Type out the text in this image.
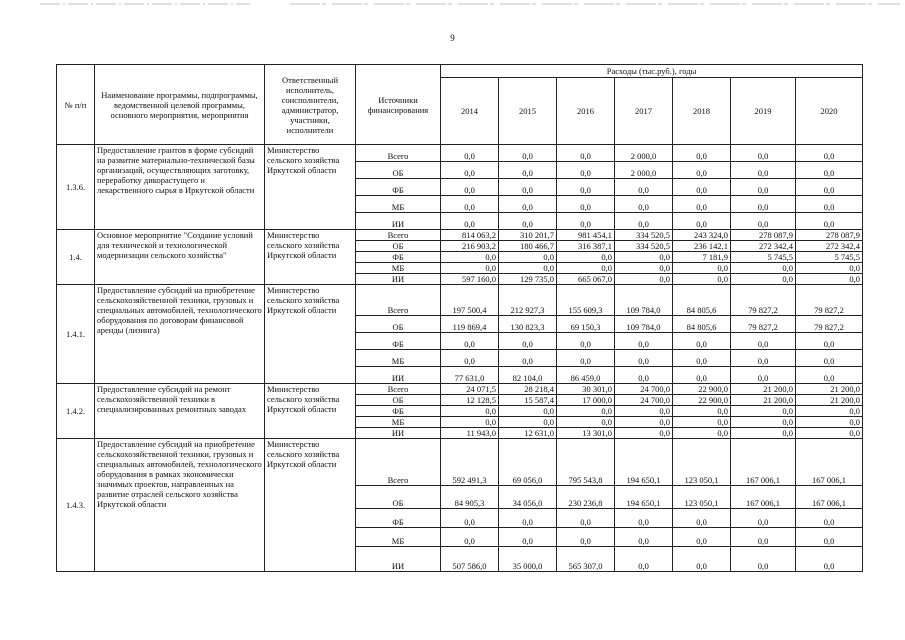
9
№ п/п	Наименование программы, подпрограммы, ведомственной целевой программы, основного мероприятия, мероприятия	Ответственный исполнитель, соисполнители, администратор, участники, исполнители	Источники финансирования	Расходы (тыс.руб.), годы						
				2014	2015	2016	2017	2018	2019	2020
1.3.6.	Предоставление грантов в форме субсидий на развитие материально-технической базы организаций, осуществляющих заготовку, переработку дикорастущего и лекарственного сырья в Иркутской области	Министерство сельского хозяйства Иркутской области	Всего	0,0	0,0	0,0	2 000,0	0,0	0,0	0,0
			ОБ	0,0	0,0	0,0	2 000,0	0,0	0,0	0,0
			ФБ	0,0	0,0	0,0	0,0	0,0	0,0	0,0
			МБ	0,0	0,0	0,0	0,0	0,0	0,0	0,0
			ИИ	0,0	0,0	0,0	0,0	0,0	0,0	0,0
1.4.	Основное мероприятие "Создание условий для технической и технологической модернизации сельского хозяйства"	Министерство сельского хозяйства Иркутской области	Всего	814 063,2	310 201,7	981 454,1	334 520,5	243 324,0	278 087,9	278 087,9
			ОБ	216 903,2	180 466,7	316 387,1	334 520,5	236 142,1	272 342,4	272 342,4
			ФБ	0,0	0,0	0,0	0,0	7 181,9	5 745,5	5 745,5
			МБ	0,0	0,0	0,0	0,0	0,0	0,0	0,0
			ИИ	597 160,0	129 735,0	665 067,0	0,0	0,0	0,0	0,0
1.4.1.	Предоставление субсидий на приобретение сельскохозяйственной техники, грузовых и специальных автомобилей, технологического оборудования по договорам финансовой аренды (лизинга)	Министерство сельского хозяйства Иркутской области	Всего	197 500,4	212 927,3	155 609,3	109 784,0	84 805,6	79 827,2	79 827,2
			ОБ	119 869,4	130 823,3	69 150,3	109 784,0	84 805,6	79 827,2	79 827,2
			ФБ	0,0	0,0	0,0	0,0	0,0	0,0	0,0
			МБ	0,0	0,0	0,0	0,0	0,0	0,0	0,0
			ИИ	77 631,0	82 104,0	86 459,0	0,0	0,0	0,0	0,0
1.4.2.	Предоставление субсидий на ремонт сельскохозяйственной техники в специализированных ремонтных заводах	Министерство сельского хозяйства Иркутской области	Всего	24 071,5	28 218,4	30 301,0	24 700,0	22 900,0	21 200,0	21 200,0
			ОБ	12 128,5	15 587,4	17 000,0	24 700,0	22 900,0	21 200,0	21 200,0
			ФБ	0,0	0,0	0,0	0,0	0,0	0,0	0,0
			МБ	0,0	0,0	0,0	0,0	0,0	0,0	0,0
			ИИ	11 943,0	12 631,0	13 301,0	0,0	0,0	0,0	0,0
1.4.3.	Предоставление субсидий на приобретение сельскохозяйственной техники, грузовых и специальных автомобилей, технологического оборудования в рамках экономически значимых проектов, направленных на развитие отраслей сельского хозяйства Иркутской области	Министерство сельского хозяйства Иркутской области	Всего	592 491,3	69 056,0	795 543,8	194 650,1	123 050,1	167 006,1	167 006,1
			ОБ	84 905,3	34 056,0	230 236,8	194 650,1	123 050,1	167 006,1	167 006,1
			ФБ	0,0	0,0	0,0	0,0	0,0	0,0	0,0
			МБ	0,0	0,0	0,0	0,0	0,0	0,0	0,0
			ИИ	507 586,0	35 000,0	565 307,0	0,0	0,0	0,0	0,0
